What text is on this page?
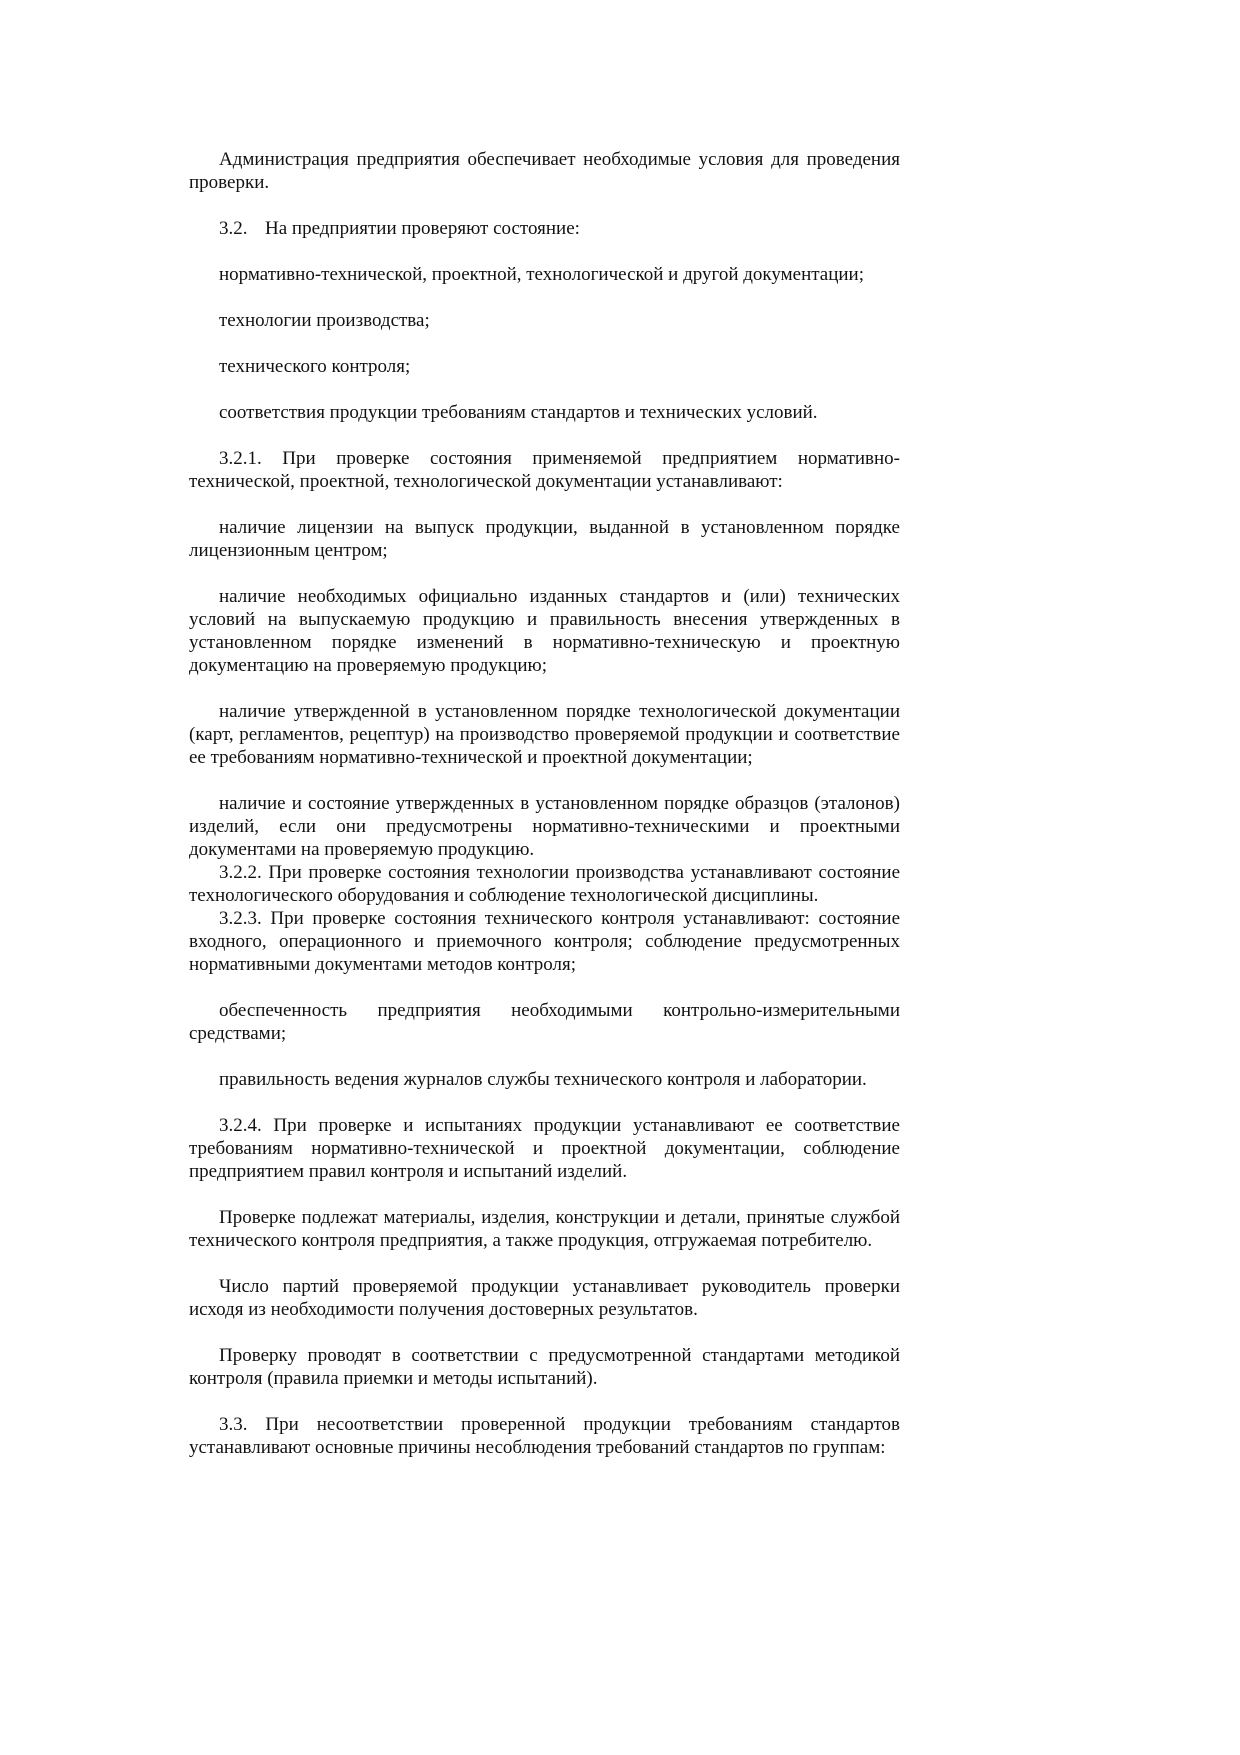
Администрация предприятия обеспечивает необходимые условия для проведения проверки.

3.2. На предприятии проверяют состояние:

нормативно-технической, проектной, технологической и другой документации;

технологии производства;

технического контроля;

соответствия продукции требованиям стандартов и технических условий.

3.2.1. При проверке состояния применяемой предприятием нормативно-технической, проектной, технологической документации устанавливают:

наличие лицензии на выпуск продукции, выданной в установленном порядке лицензионным центром;

наличие необходимых официально изданных стандартов и (или) технических условий на выпускаемую продукцию и правильность внесения утвержденных в установленном порядке изменений в нормативно-техническую и проектную документацию на проверяемую продукцию;

наличие утвержденной в установленном порядке технологической документации (карт, регламентов, рецептур) на производство проверяемой продукции и соответствие ее требованиям нормативно-технической и проектной документации;

наличие и состояние утвержденных в установленном порядке образцов (эталонов) изделий, если они предусмотрены нормативно-техническими и проектными документами на проверяемую продукцию.

3.2.2. При проверке состояния технологии производства устанавливают состояние технологического оборудования и соблюдение технологической дисциплины.

3.2.3. При проверке состояния технического контроля устанавливают: состояние входного, операционного и приемочного контроля; соблюдение предусмотренных нормативными документами методов контроля;

обеспеченность предприятия необходимыми контрольно-измерительными средствами;

правильность ведения журналов службы технического контроля и лаборатории.

3.2.4. При проверке и испытаниях продукции устанавливают ее соответствие требованиям нормативно-технической и проектной документации, соблюдение предприятием правил контроля и испытаний изделий.

Проверке подлежат материалы, изделия, конструкции и детали, принятые службой технического контроля предприятия, а также продукция, отгружаемая потребителю.

Число партий проверяемой продукции устанавливает руководитель проверки исходя из необходимости получения достоверных результатов.

Проверку проводят в соответствии с предусмотренной стандартами методикой контроля (правила приемки и методы испытаний).

3.3. При несоответствии проверенной продукции требованиям стандартов устанавливают основные причины несоблюдения требований стандартов по группам:
